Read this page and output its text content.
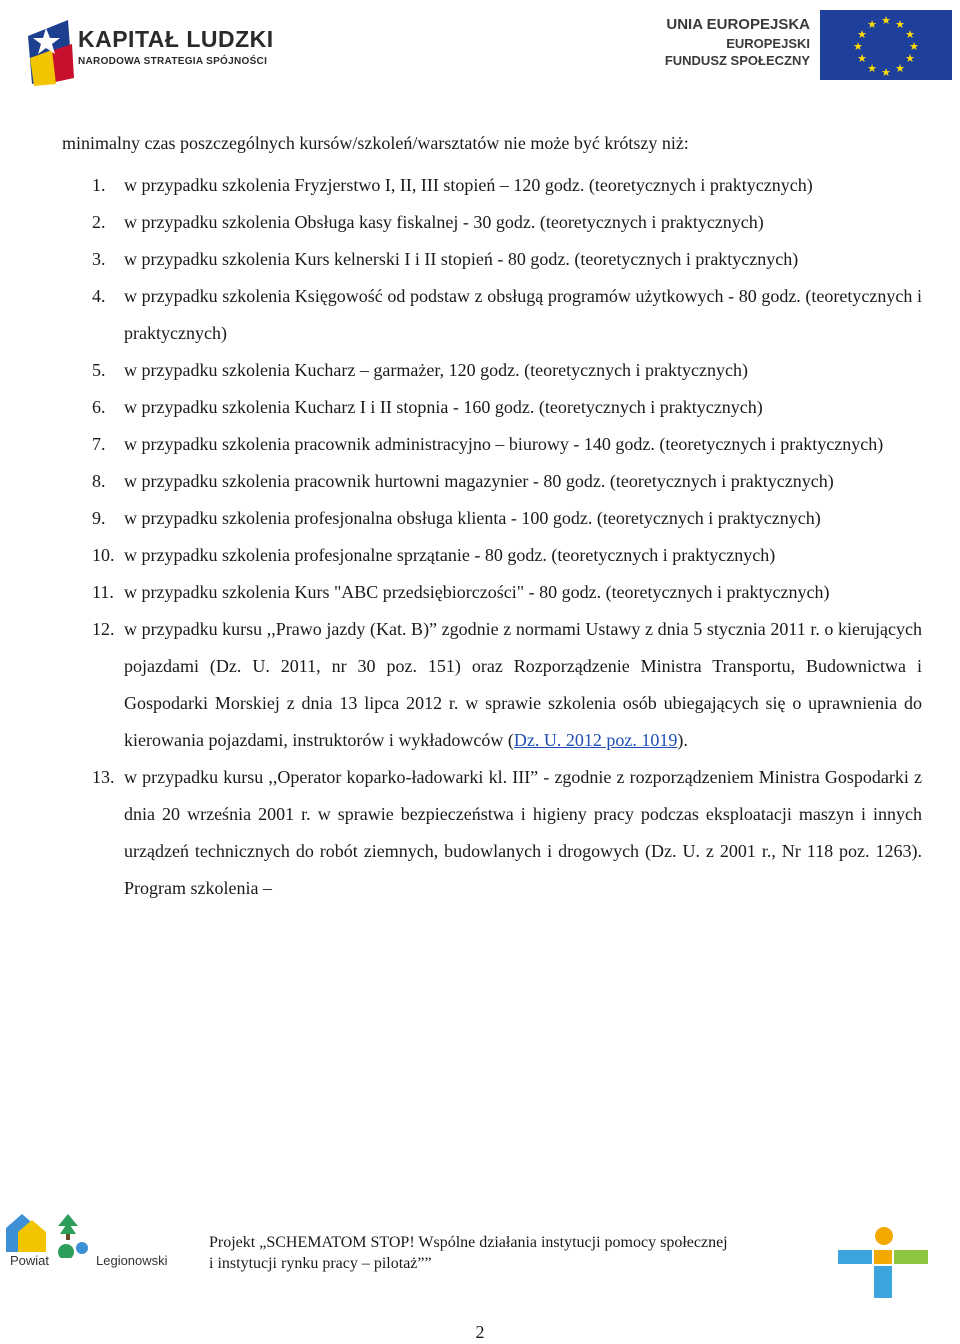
KAPITAŁ LUDZKI
NARODOWA STRATEGIA SPÓJNOŚCI
UNIA EUROPEJSKA
EUROPEJSKI
FUNDUSZ SPOŁECZNY
★ ★
★
★
★
★
★
★
★
★
★
★

minimalny czas poszczególnych kursów/szkoleń/warsztatów nie może być krótszy niż:

1. w przypadku szkolenia Fryzjerstwo I, II, III stopień – 120 godz. (teoretycznych i praktycznych)
2. w przypadku szkolenia Obsługa kasy fiskalnej - 30 godz. (teoretycznych i praktycznych)
3. w przypadku szkolenia Kurs kelnerski I i II stopień - 80 godz. (teoretycznych i praktycznych)
4. w przypadku szkolenia Księgowość od podstaw z obsługą programów użytkowych - 80 godz. (teoretycznych i praktycznych)
5. w przypadku szkolenia Kucharz – garmażer, 120 godz. (teoretycznych i praktycznych)
6. w przypadku szkolenia Kucharz I i II stopnia - 160 godz. (teoretycznych i praktycznych)
7. w przypadku szkolenia pracownik administracyjno – biurowy - 140 godz. (teoretycznych i praktycznych)
8. w przypadku szkolenia pracownik hurtowni magazynier - 80 godz. (teoretycznych i praktycznych)
9. w przypadku szkolenia profesjonalna obsługa klienta - 100 godz. (teoretycznych i praktycznych)
10. w przypadku szkolenia profesjonalne sprzątanie - 80 godz. (teoretycznych i praktycznych)
11. w przypadku szkolenia Kurs "ABC przedsiębiorczości" - 80 godz. (teoretycznych i praktycznych)
12. w przypadku kursu ,,Prawo jazdy (Kat. B)” zgodnie z normami Ustawy z dnia 5 stycznia 2011 r. o kierujących pojazdami (Dz. U. 2011, nr 30 poz. 151) oraz Rozporządzenie Ministra Transportu, Budownictwa i Gospodarki Morskiej z dnia 13 lipca 2012 r. w sprawie szkolenia osób ubiegających się o uprawnienia do kierowania pojazdami, instruktorów i wykładowców (Dz. U. 2012 poz. 1019).
13. w przypadku kursu ,,Operator koparko-ładowarki kl. III” - zgodnie z rozporządzeniem Ministra Gospodarki z dnia 20 września 2001 r. w sprawie bezpieczeństwa i higieny pracy podczas eksploatacji maszyn i innych urządzeń technicznych do robót ziemnych, budowlanych i drogowych (Dz. U. z 2001 r., Nr 118 poz. 1263). Program szkolenia –
Powiat	Legionowski
Projekt „SCHEMATOM STOP! Wspólne działania instytucji pomocy społecznej
i instytucji rynku pracy – pilotaż””
2
